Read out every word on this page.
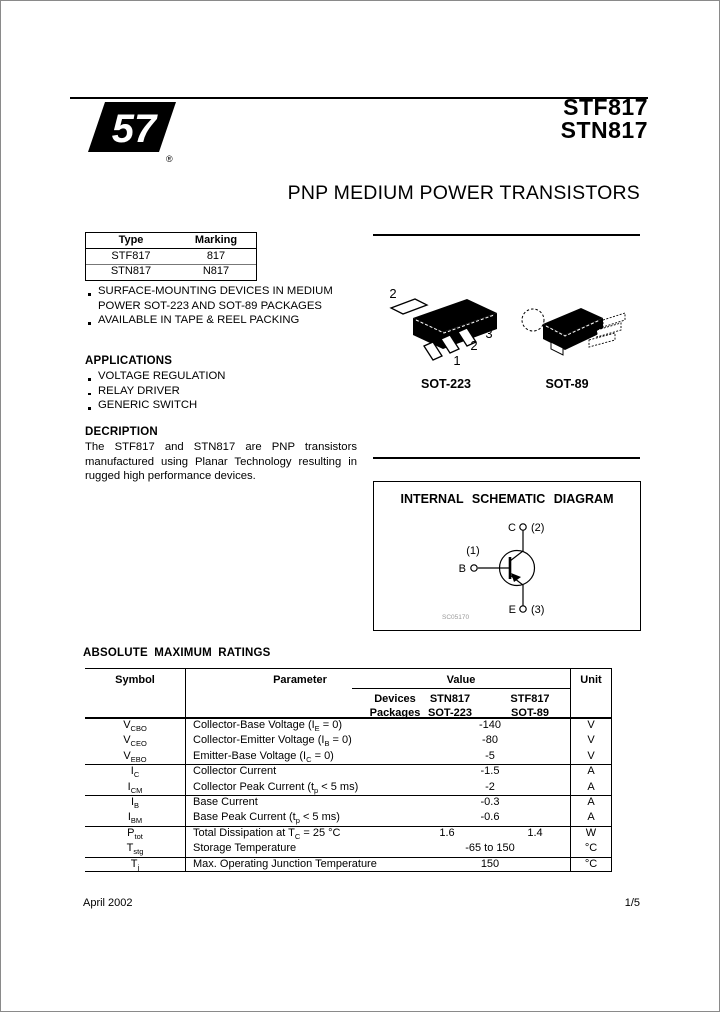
57
®
STF817
STN817
PNP MEDIUM POWER TRANSISTORS
Type	Marking
STF817	817
STN817	N817
SURFACE-MOUNTING DEVICES IN MEDIUM POWER SOT-223 AND SOT-89 PACKAGES
AVAILABLE IN TAPE & REEL PACKING
APPLICATIONS
VOLTAGE REGULATION
RELAY DRIVER
GENERIC SWITCH
DECRIPTION
The STF817 and STN817 are PNP transistors manufactured using Planar Technology resulting in rugged high performance devices.
2
1
2
3
SOT-223	SOT-89
INTERNAL SCHEMATIC DIAGRAM
C (2)
(1)
B
E (3)
SC05170
ABSOLUTE MAXIMUM RATINGS
Symbol	Parameter	Value	Unit
Devices	STN817	STF817
Packages SOT-223	SOT-89
$V_{CBO}$	Collector-Base Voltage $(I_E = 0)$	-140	V
$V_{CEO}$	Collector-Emitter Voltage $(I_B = 0)$	-80	V
$V_{EBO}$	Emitter-Base Voltage $(I_C = 0)$	-5	V
$I_C$	Collector Current	-1.5	A
$I_{CM}$	Collector Peak Current ($t_p < 5$ ms)	-2	A
$I_B$	Base Current	-0.3	A
$I_{BM}$	Base Peak Current ($t_p < 5$ ms)	-0.6	A
$P_{tot}$	Total Dissipation at $T_C = 25$ °C	1.6	1.4	W
$T_{stg}$	Storage Temperature	-65 to 150	°C
$T_j$	Max. Operating Junction Temperature	150	°C
April 2002	1/5
